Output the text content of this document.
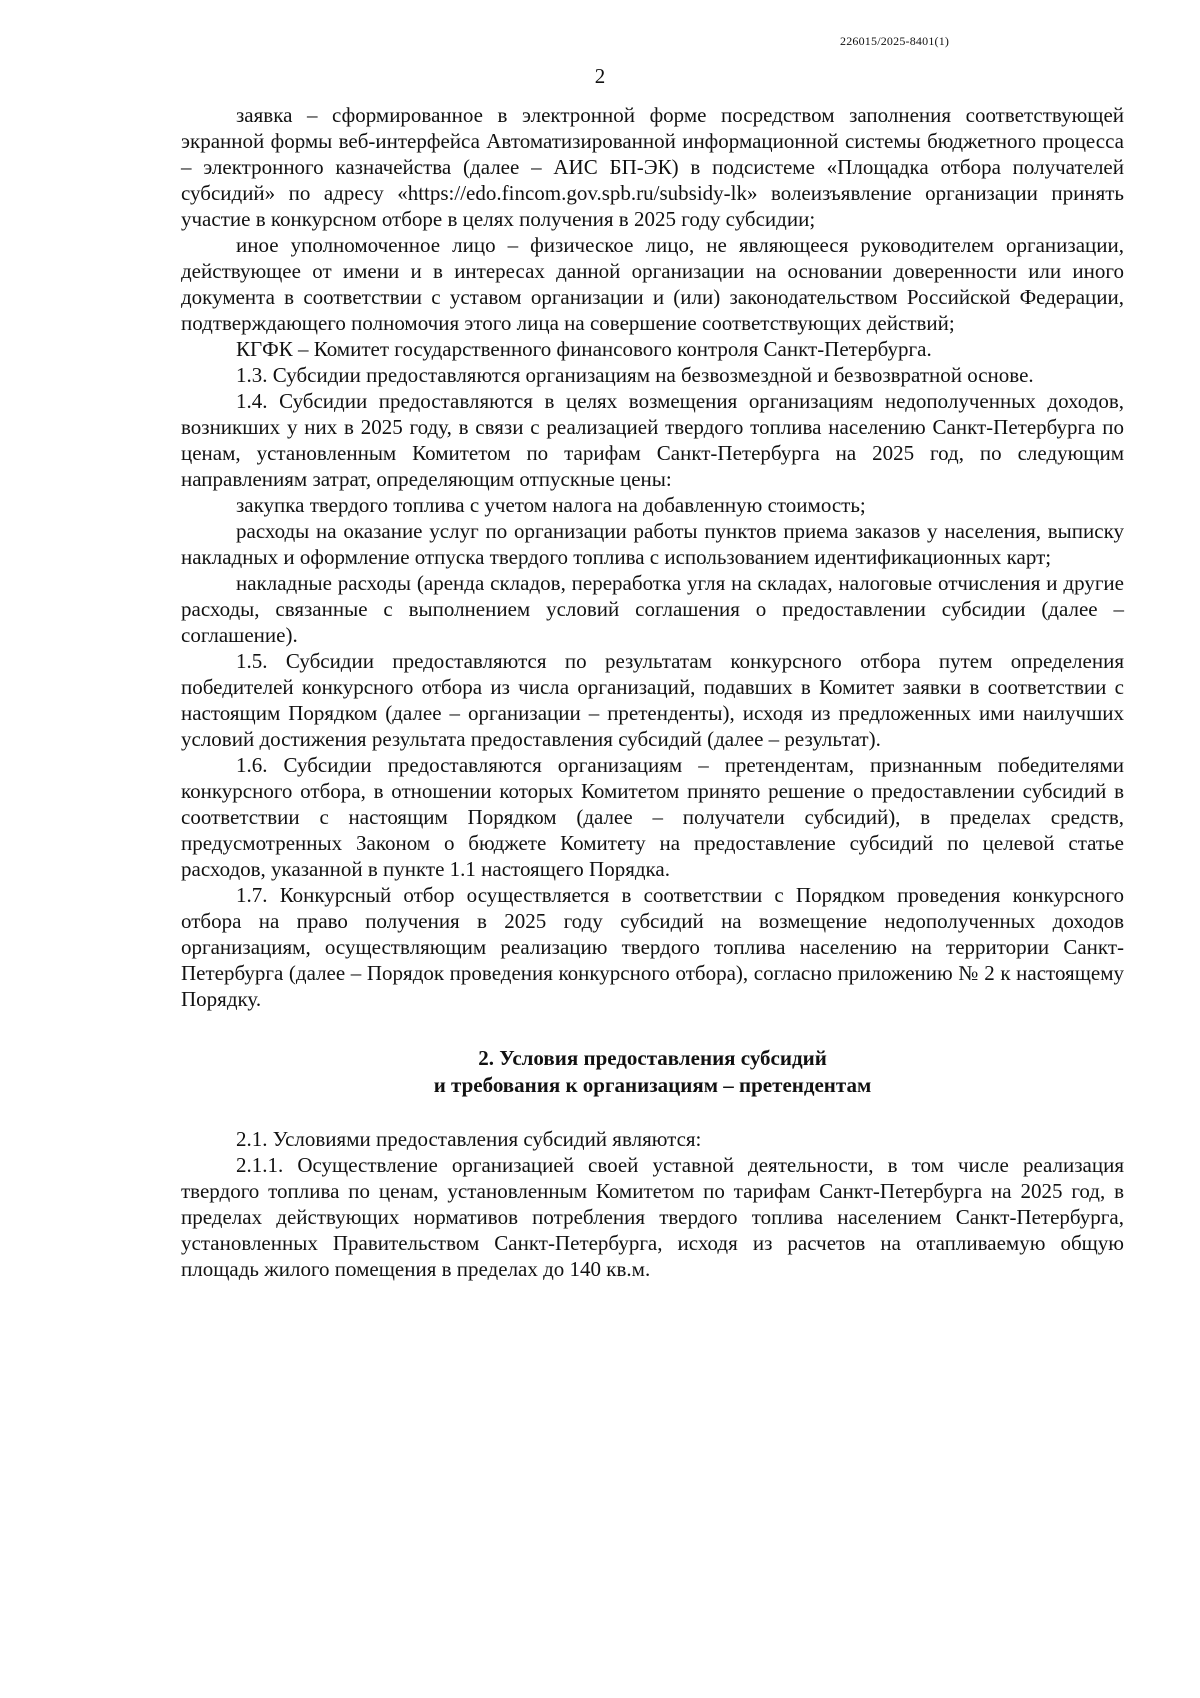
226015/2025-8401(1)
2

заявка – сформированное в электронной форме посредством заполнения соответствующей экранной формы веб-интерфейса Автоматизированной информационной системы бюджетного процесса – электронного казначейства (далее – АИС БП-ЭК) в подсистеме «Площадка отбора получателей субсидий» по адресу «https://edo.fincom.gov.spb.ru/subsidy-lk» волеизъявление организации принять участие в конкурсном отборе в целях получения в 2025 году субсидии;

иное уполномоченное лицо – физическое лицо, не являющееся руководителем организации, действующее от имени и в интересах данной организации на основании доверенности или иного документа в соответствии с уставом организации и (или) законодательством Российской Федерации, подтверждающего полномочия этого лица на совершение соответствующих действий;

КГФК – Комитет государственного финансового контроля Санкт-Петербурга.

1.3. Субсидии предоставляются организациям на безвозмездной и безвозвратной основе.

1.4. Субсидии предоставляются в целях возмещения организациям недополученных доходов, возникших у них в 2025 году, в связи с реализацией твердого топлива населению Санкт-Петербурга по ценам, установленным Комитетом по тарифам Санкт-Петербурга на 2025 год, по следующим направлениям затрат, определяющим отпускные цены:

закупка твердого топлива с учетом налога на добавленную стоимость;

расходы на оказание услуг по организации работы пунктов приема заказов у населения, выписку накладных и оформление отпуска твердого топлива с использованием идентификационных карт;

накладные расходы (аренда складов, переработка угля на складах, налоговые отчисления и другие расходы, связанные с выполнением условий соглашения о предоставлении субсидии (далее – соглашение).

1.5. Субсидии предоставляются по результатам конкурсного отбора путем определения победителей конкурсного отбора из числа организаций, подавших в Комитет заявки в соответствии с настоящим Порядком (далее – организации – претенденты), исходя из предложенных ими наилучших условий достижения результата предоставления субсидий (далее – результат).

1.6. Субсидии предоставляются организациям – претендентам, признанным победителями конкурсного отбора, в отношении которых Комитетом принято решение о предоставлении субсидий в соответствии с настоящим Порядком (далее – получатели субсидий), в пределах средств, предусмотренных Законом о бюджете Комитету на предоставление субсидий по целевой статье расходов, указанной в пункте 1.1 настоящего Порядка.

1.7. Конкурсный отбор осуществляется в соответствии с Порядком проведения конкурсного отбора на право получения в 2025 году субсидий на возмещение недополученных доходов организациям, осуществляющим реализацию твердого топлива населению на территории Санкт-Петербурга (далее – Порядок проведения конкурсного отбора), согласно приложению № 2 к настоящему Порядку.

2. Условия предоставления субсидий
и требования к организациям – претендентам

2.1. Условиями предоставления субсидий являются:

2.1.1. Осуществление организацией своей уставной деятельности, в том числе реализация твердого топлива по ценам, установленным Комитетом по тарифам Санкт-Петербурга на 2025 год, в пределах действующих нормативов потребления твердого топлива населением Санкт-Петербурга, установленных Правительством Санкт-Петербурга, исходя из расчетов на отапливаемую общую площадь жилого помещения в пределах до 140 кв.м.
